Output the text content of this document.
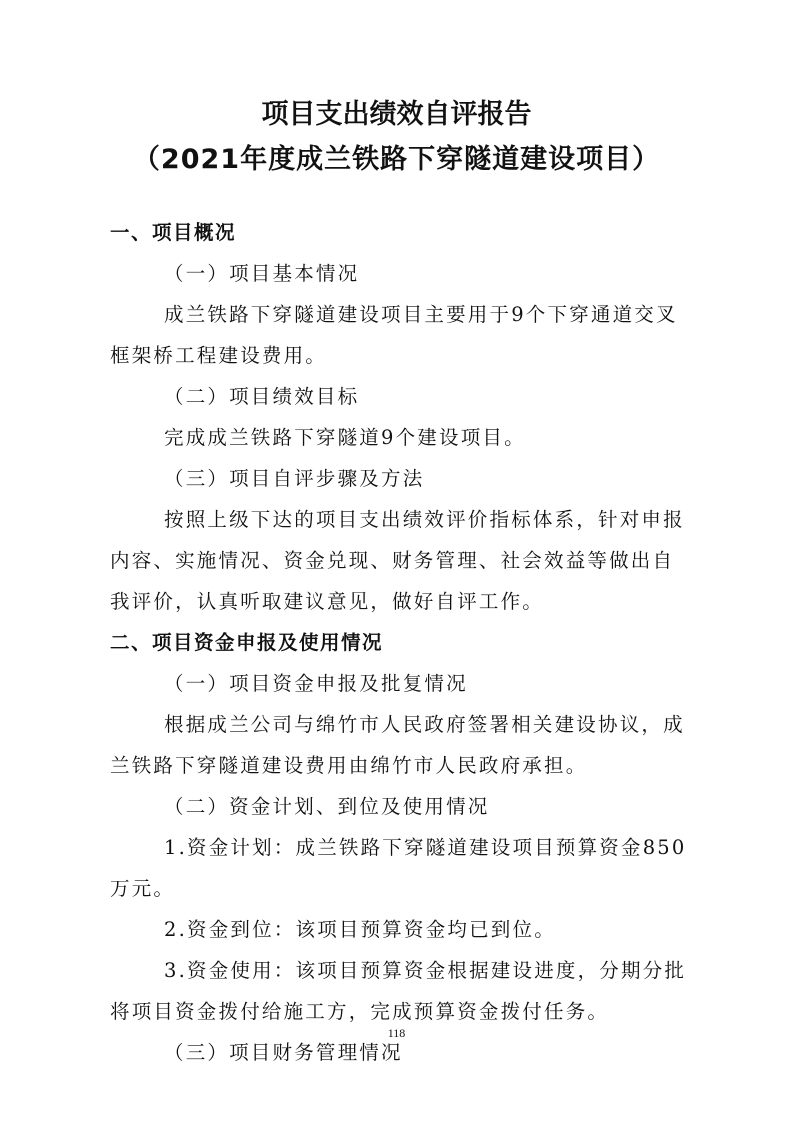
项目支出绩效自评报告
（2021年度成兰铁路下穿隧道建设项目）
一、项目概况
（一）项目基本情况
成兰铁路下穿隧道建设项目主要用于9个下穿通道交叉
框架桥工程建设费用。
（二）项目绩效目标
完成成兰铁路下穿隧道9个建设项目。
（三）项目自评步骤及方法
按照上级下达的项目支出绩效评价指标体系，针对申报
内容、实施情况、资金兑现、财务管理、社会效益等做出自
我评价，认真听取建议意见，做好自评工作。
二、项目资金申报及使用情况
（一）项目资金申报及批复情况
根据成兰公司与绵竹市人民政府签署相关建设协议，成
兰铁路下穿隧道建设费用由绵竹市人民政府承担。
（二）资金计划、到位及使用情况
1.资金计划：成兰铁路下穿隧道建设项目预算资金850
万元。
2.资金到位：该项目预算资金均已到位。
3.资金使用：该项目预算资金根据建设进度，分期分批
将项目资金拨付给施工方，完成预算资金拨付任务。
（三）项目财务管理情况
118
